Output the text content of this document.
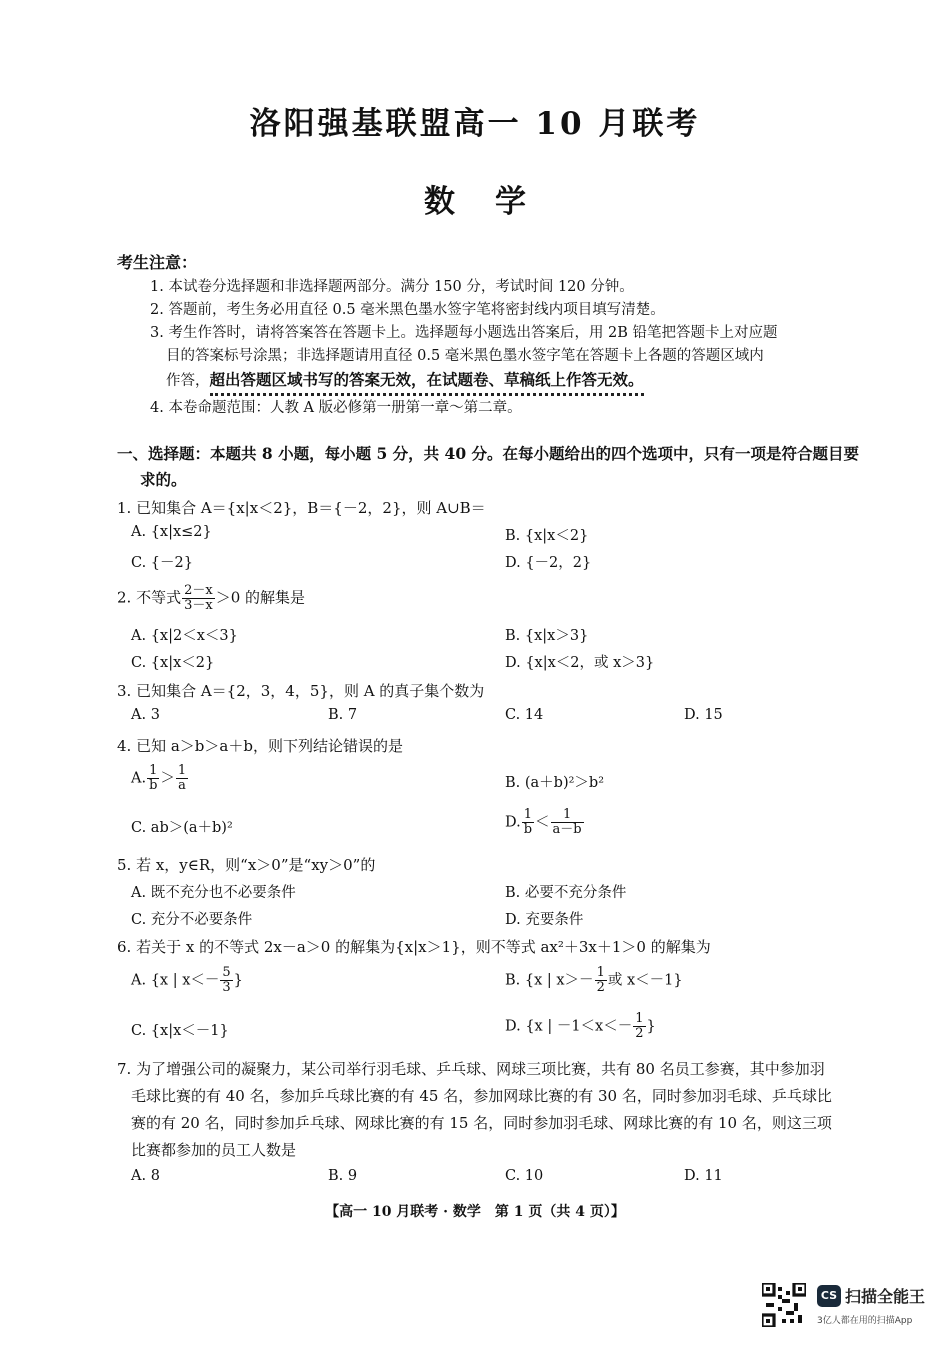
洛阳强基联盟高一 10 月联考
数学
考生注意：
1. 本试卷分选择题和非选择题两部分。满分 150 分，考试时间 120 分钟。
2. 答题前，考生务必用直径 0.5 毫米黑色墨水签字笔将密封线内项目填写清楚。
3. 考生作答时，请将答案答在答题卡上。选择题每小题选出答案后，用 2B 铅笔把答题卡上对应题
目的答案标号涂黑；非选择题请用直径 0.5 毫米黑色墨水签字笔在答题卡上各题的答题区域内
作答，超出答题区域书写的答案无效，在试题卷、草稿纸上作答无效。
4. 本卷命题范围：人教 A 版必修第一册第一章～第二章。
一、选择题：本题共 8 小题，每小题 5 分，共 40 分。在每小题给出的四个选项中，只有一项是符合题目要
求的。
1. 已知集合 A＝{x|x＜2}，B＝{－2，2}，则 A∪B＝
A. {x|x≤2}	B. {x|x＜2}
C. {－2}	D. {－2，2}
2. 不等式 $\frac{2-x}{3-x} >0$ 的解集是
A. {x|2＜x＜3}	B. {x|x＞3}
C. {x|x＜2}	D. {x|x＜2，或 x＞3}
3. 已知集合 A＝{2，3，4，5}，则 A 的真子集个数为
A. 3	B. 7	C. 14	D. 15
4. 已知 a＞b＞a＋b，则下列结论错误的是
A. $\frac{1}{b} > \frac{1}{a}$	B. (a＋b)²＞b²
C. ab＞(a＋b)²	D. $\frac{1}{b} < \frac{1}{a-b}$
5. 若 x，y∈R，则“x＞0”是“xy＞0”的
A. 既不充分也不必要条件	B. 必要不充分条件
C. 充分不必要条件	D. 充要条件
6. 若关于 x 的不等式 2x－a＞0 的解集为{x|x＞1}，则不等式 ax²＋3x＋1＞0 的解集为
A. {x | $x<- \frac{5}{3}$ }	B. {x | $x>- \frac{1}{2}$ 或 x＜－1}
C. {x|x＜－1}	D. {x | $-1<x<- \frac{1}{2}$ }
7. 为了增强公司的凝聚力，某公司举行羽毛球、乒乓球、网球三项比赛，共有 80 名员工参赛，其中参加羽
毛球比赛的有 40 名，参加乒乓球比赛的有 45 名，参加网球比赛的有 30 名，同时参加羽毛球、乒乓球比
赛的有 20 名，同时参加乒乓球、网球比赛的有 15 名，同时参加羽毛球、网球比赛的有 10 名，则这三项
比赛都参加的员工人数是
A. 8	B. 9	C. 10	D. 11
【高一 10 月联考 · 数学　第 1 页（共 4 页）】
CS 扫描全能王
3亿人都在用的扫描App
